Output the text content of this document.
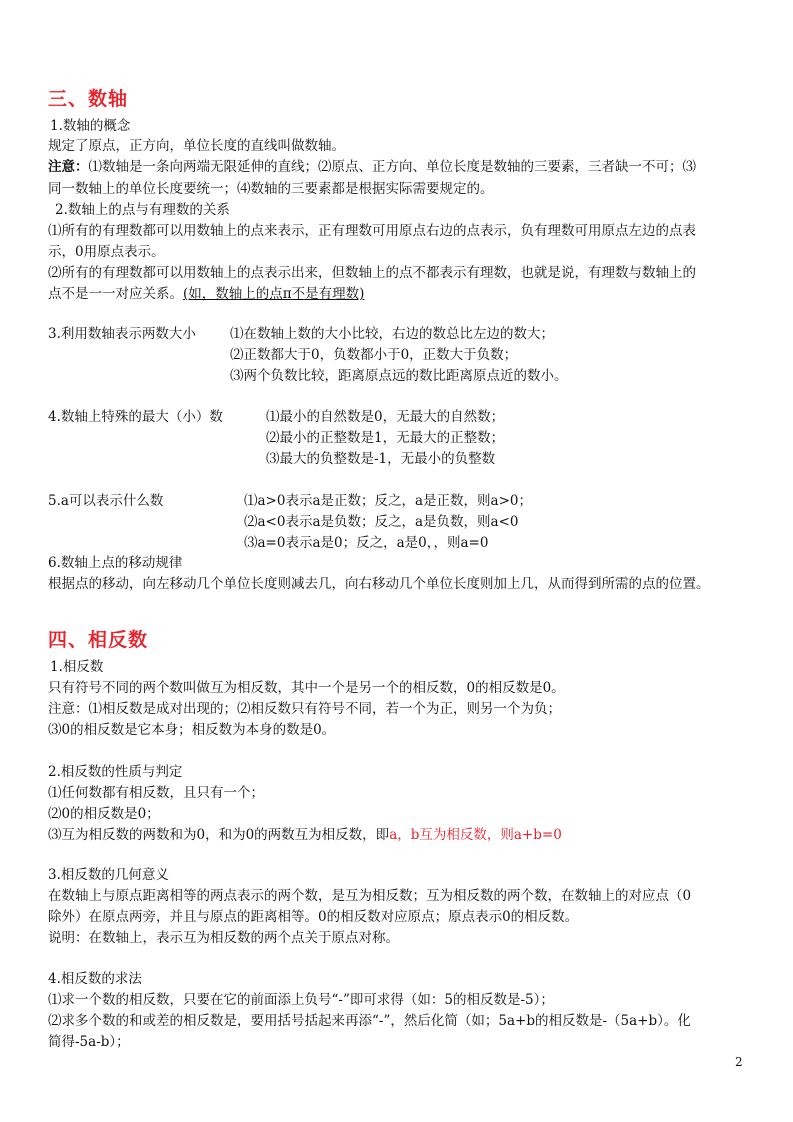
三、数轴
1.数轴的概念
规定了原点，正方向，单位长度的直线叫做数轴。
注意：⑴数轴是一条向两端无限延伸的直线；⑵原点、正方向、单位长度是数轴的三要素，三者缺一不可；⑶
同一数轴上的单位长度要统一；⑷数轴的三要素都是根据实际需要规定的。
2.数轴上的点与有理数的关系
⑴所有的有理数都可以用数轴上的点来表示，正有理数可用原点右边的点表示，负有理数可用原点左边的点表
示，0用原点表示。
⑵所有的有理数都可以用数轴上的点表示出来，但数轴上的点不都表示有理数，也就是说，有理数与数轴上的
点不是一一对应关系。(如，数轴上的点π不是有理数)
3.利用数轴表示两数大小	⑴在数轴上数的大小比较，右边的数总比左边的数大；
⑵正数都大于0，负数都小于0，正数大于负数；
⑶两个负数比较，距离原点远的数比距离原点近的数小。
4.数轴上特殊的最大（小）数	⑴最小的自然数是0，无最大的自然数；
⑵最小的正整数是1，无最大的正整数；
⑶最大的负整数是-1，无最小的负整数
5.a可以表示什么数	⑴a>0表示a是正数；反之，a是正数，则a>0；
⑵a<0表示a是负数；反之，a是负数，则a<0
⑶a=0表示a是0；反之，a是0，，则a=0
6.数轴上点的移动规律
根据点的移动，向左移动几个单位长度则减去几，向右移动几个单位长度则加上几，从而得到所需的点的位置。
四、相反数
1.相反数
只有符号不同的两个数叫做互为相反数，其中一个是另一个的相反数，0的相反数是0。
注意：⑴相反数是成对出现的；⑵相反数只有符号不同，若一个为正，则另一个为负；
⑶0的相反数是它本身；相反数为本身的数是0。
2.相反数的性质与判定
⑴任何数都有相反数，且只有一个；
⑵0的相反数是0；
⑶互为相反数的两数和为0，和为0的两数互为相反数，即a，b互为相反数，则a+b=0
3.相反数的几何意义
在数轴上与原点距离相等的两点表示的两个数，是互为相反数；互为相反数的两个数，在数轴上的对应点（0
除外）在原点两旁，并且与原点的距离相等。0的相反数对应原点；原点表示0的相反数。
说明：在数轴上，表示互为相反数的两个点关于原点对称。
4.相反数的求法
⑴求一个数的相反数，只要在它的前面添上负号“-”即可求得（如：5的相反数是-5）；
⑵求多个数的和或差的相反数是，要用括号括起来再添“-”，然后化简（如；5a+b的相反数是-（5a+b）。化
简得-5a-b）；
2
